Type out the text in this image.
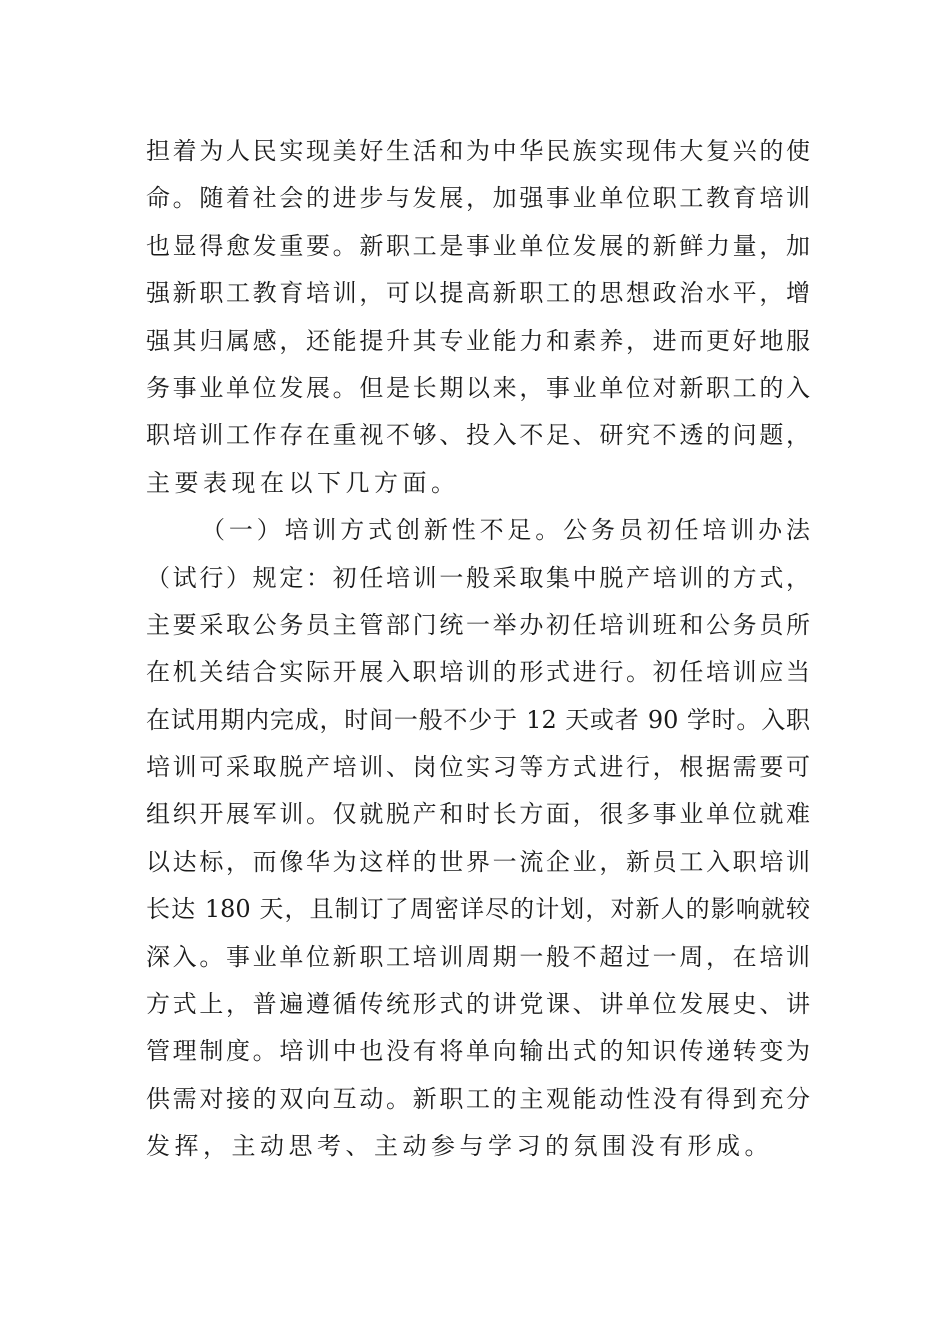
担着为人民实现美好生活和为中华民族实现伟大复兴的使
命。随着社会的进步与发展，加强事业单位职工教育培训
也显得愈发重要。新职工是事业单位发展的新鲜力量，加
强新职工教育培训，可以提高新职工的思想政治水平，增
强其归属感，还能提升其专业能力和素养，进而更好地服
务事业单位发展。但是长期以来，事业单位对新职工的入
职培训工作存在重视不够、投入不足、研究不透的问题，
主要表现在以下几方面。
（一）培训方式创新性不足。公务员初任培训办法
（试行）规定：初任培训一般采取集中脱产培训的方式，
主要采取公务员主管部门统一举办初任培训班和公务员所
在机关结合实际开展入职培训的形式进行。初任培训应当
在试用期内完成，时间一般不少于 12 天或者 90 学时。入职
培训可采取脱产培训、岗位实习等方式进行，根据需要可
组织开展军训。仅就脱产和时长方面，很多事业单位就难
以达标，而像华为这样的世界一流企业，新员工入职培训
长达 180 天，且制订了周密详尽的计划，对新人的影响就较
深入。事业单位新职工培训周期一般不超过一周，在培训
方式上，普遍遵循传统形式的讲党课、讲单位发展史、讲
管理制度。培训中也没有将单向输出式的知识传递转变为
供需对接的双向互动。新职工的主观能动性没有得到充分
发挥，主动思考、主动参与学习的氛围没有形成。
